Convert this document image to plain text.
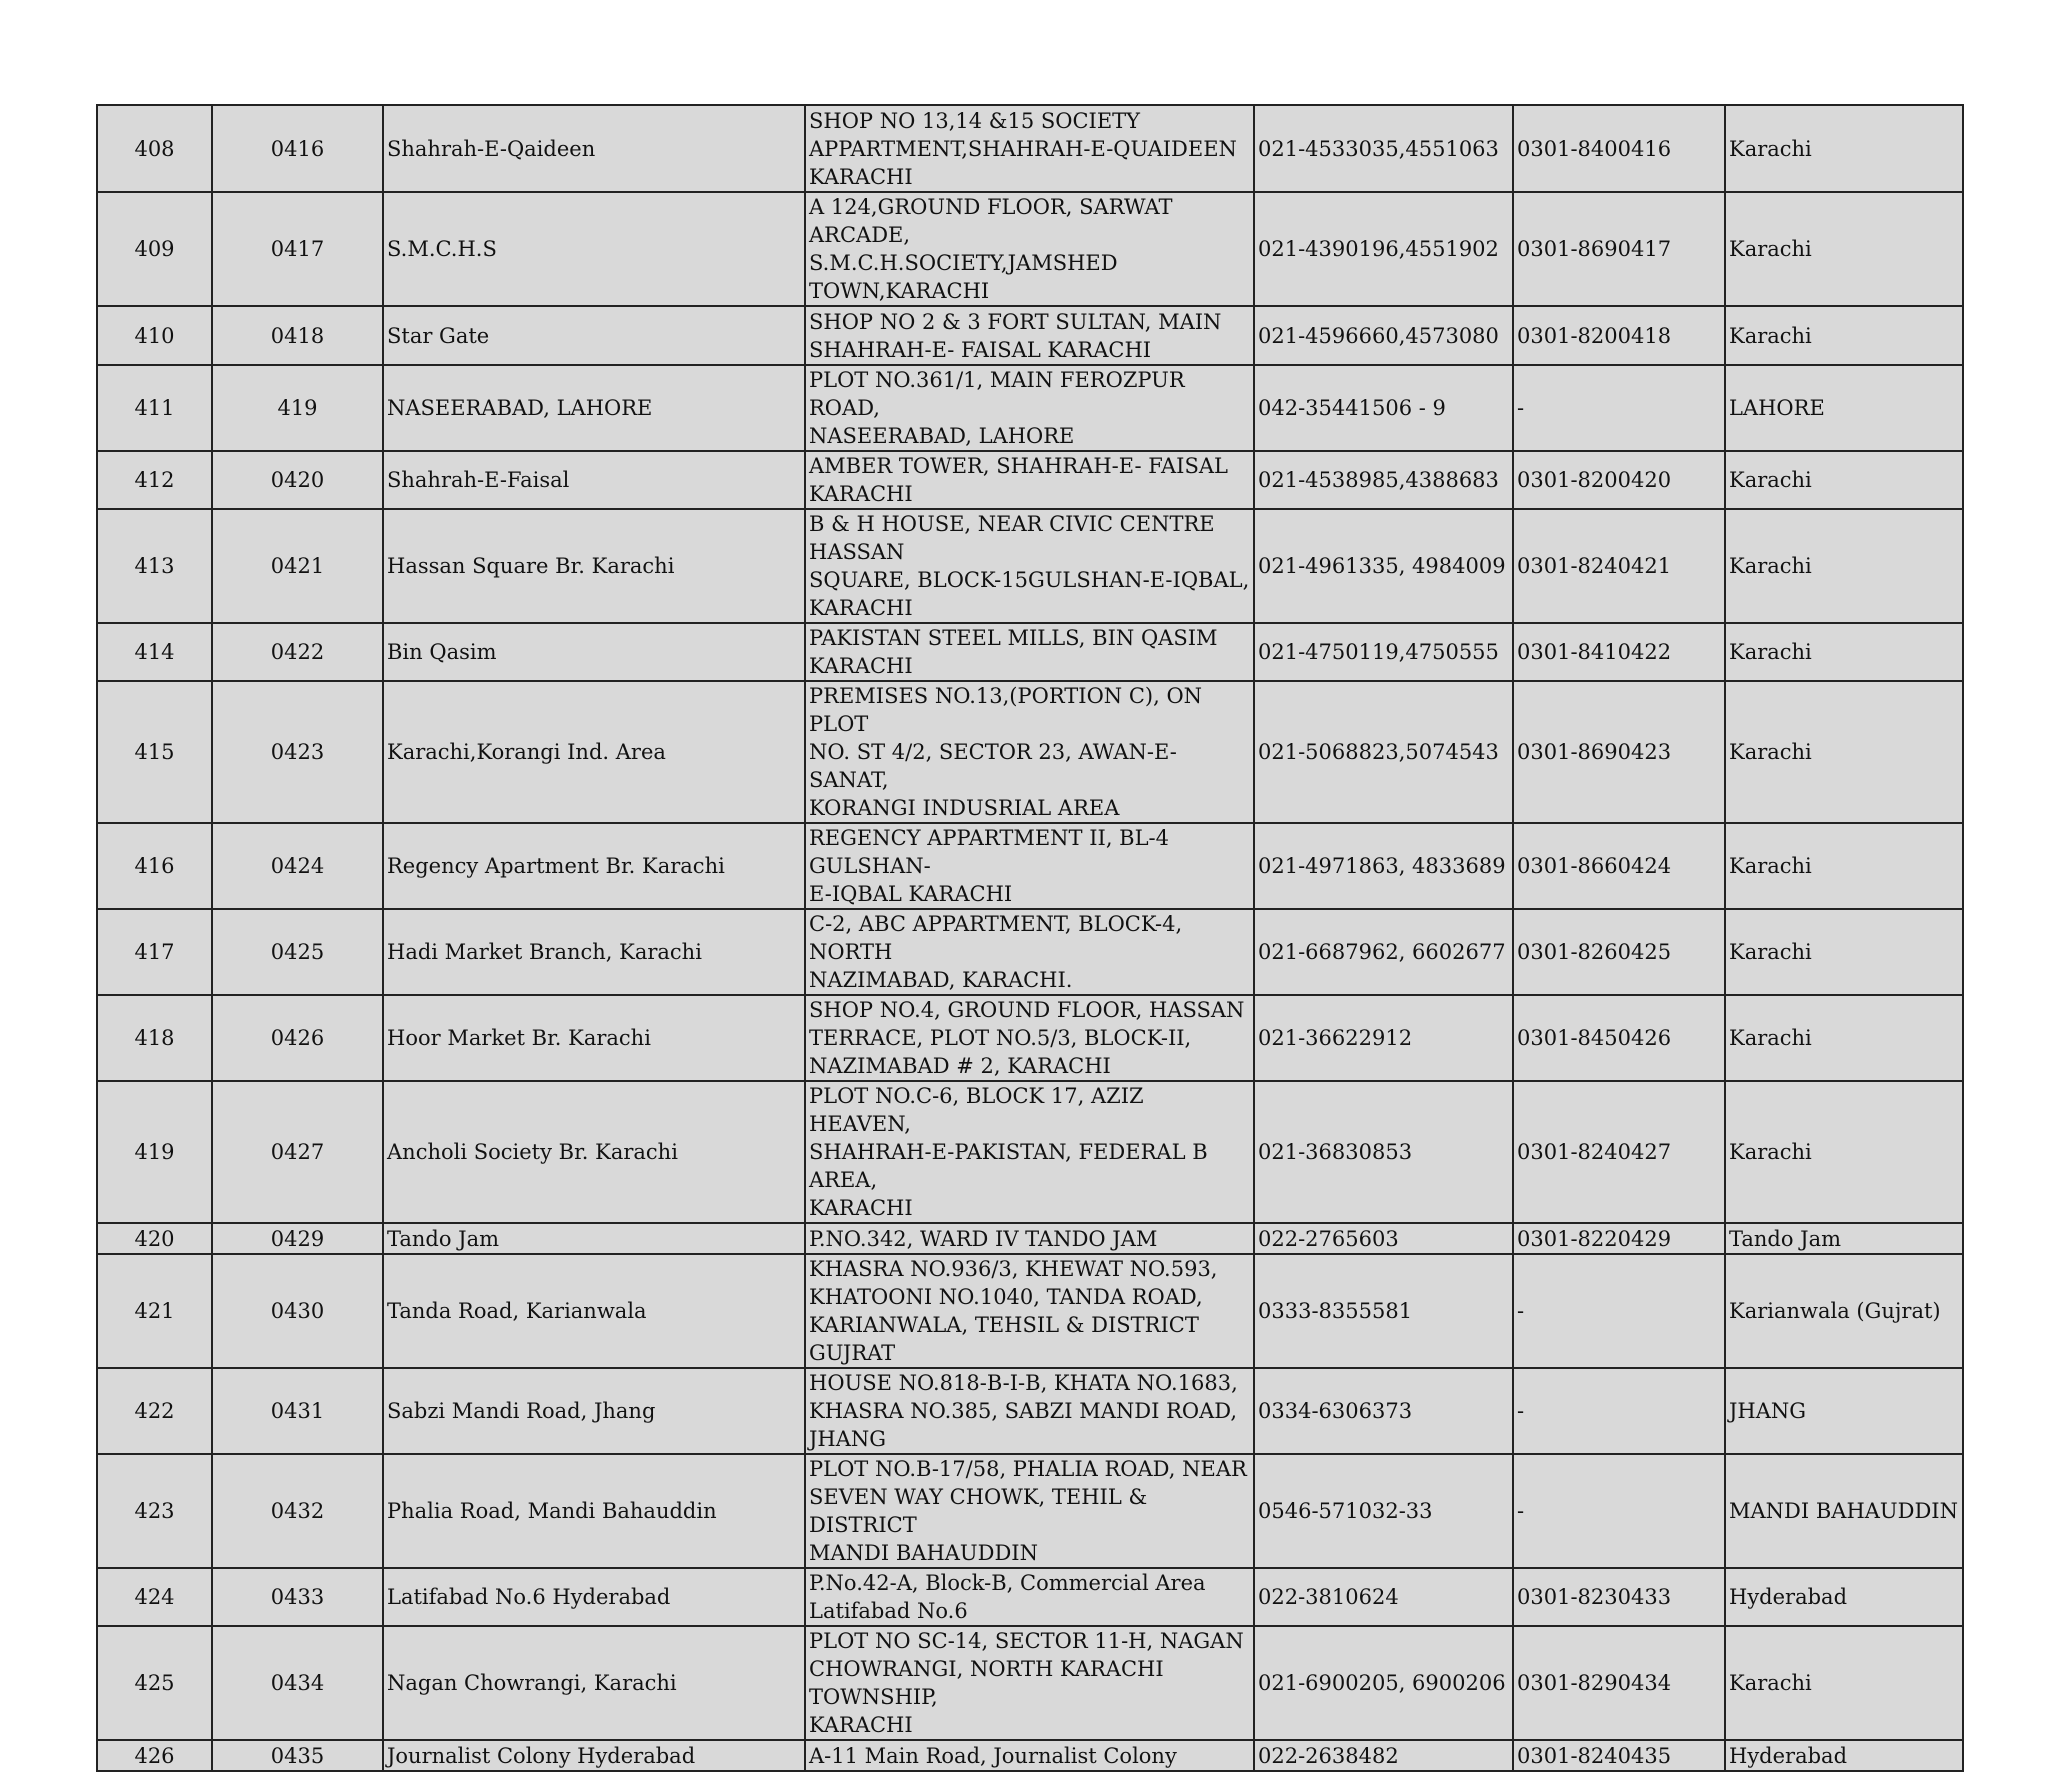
408	0416	Shahrah-E-Qaideen	SHOP NO 13,14 &15 SOCIETY
APPARTMENT,SHAHRAH-E-QUAIDEEN
KARACHI	021-4533035,4551063	0301-8400416	Karachi
409	0417	S.M.C.H.S	A 124,GROUND FLOOR, SARWAT ARCADE,
S.M.C.H.SOCIETY,JAMSHED TOWN,KARACHI	021-4390196,4551902	0301-8690417	Karachi
410	0418	Star Gate	SHOP NO 2 & 3 FORT SULTAN, MAIN
SHAHRAH-E- FAISAL KARACHI	021-4596660,4573080	0301-8200418	Karachi
411	419	NASEERABAD, LAHORE	PLOT NO.361/1, MAIN FEROZPUR ROAD,
NASEERABAD, LAHORE	042-35441506 - 9	-	LAHORE
412	0420	Shahrah-E-Faisal	AMBER TOWER, SHAHRAH-E- FAISAL
KARACHI	021-4538985,4388683	0301-8200420	Karachi
413	0421	Hassan Square Br. Karachi	B & H HOUSE, NEAR CIVIC CENTRE HASSAN
SQUARE, BLOCK-15GULSHAN-E-IQBAL,
KARACHI	021-4961335, 4984009	0301-8240421	Karachi
414	0422	Bin Qasim	PAKISTAN STEEL MILLS, BIN QASIM
KARACHI	021-4750119,4750555	0301-8410422	Karachi
415	0423	Karachi,Korangi Ind. Area	PREMISES NO.13,(PORTION C), ON PLOT
NO. ST 4/2, SECTOR 23, AWAN-E-SANAT,
KORANGI INDUSRIAL AREA	021-5068823,5074543	0301-8690423	Karachi
416	0424	Regency Apartment Br. Karachi	REGENCY APPARTMENT II, BL-4 GULSHAN-
E-IQBAL KARACHI	021-4971863, 4833689	0301-8660424	Karachi
417	0425	Hadi Market Branch, Karachi	C-2, ABC APPARTMENT, BLOCK-4, NORTH
NAZIMABAD, KARACHI.	021-6687962, 6602677	0301-8260425	Karachi
418	0426	Hoor Market Br. Karachi	SHOP NO.4, GROUND FLOOR, HASSAN
TERRACE, PLOT NO.5/3, BLOCK-II,
NAZIMABAD # 2, KARACHI	021-36622912	0301-8450426	Karachi
419	0427	Ancholi Society Br. Karachi	PLOT NO.C-6, BLOCK 17, AZIZ HEAVEN,
SHAHRAH-E-PAKISTAN, FEDERAL B AREA,
KARACHI	021-36830853	0301-8240427	Karachi
420	0429	Tando Jam	P.NO.342, WARD IV TANDO JAM	022-2765603	0301-8220429	Tando Jam
421	0430	Tanda Road, Karianwala	KHASRA NO.936/3, KHEWAT NO.593,
KHATOONI NO.1040, TANDA ROAD,
KARIANWALA, TEHSIL & DISTRICT GUJRAT	0333-8355581	-	Karianwala (Gujrat)
422	0431	Sabzi Mandi Road, Jhang	HOUSE NO.818-B-I-B, KHATA NO.1683,
KHASRA NO.385, SABZI MANDI ROAD,
JHANG	0334-6306373	-	JHANG
423	0432	Phalia Road, Mandi Bahauddin	PLOT NO.B-17/58, PHALIA ROAD, NEAR
SEVEN WAY CHOWK, TEHIL & DISTRICT
MANDI BAHAUDDIN	0546-571032-33	-	MANDI BAHAUDDIN
424	0433	Latifabad No.6 Hyderabad	P.No.42-A, Block-B, Commercial Area
Latifabad No.6	022-3810624	0301-8230433	Hyderabad
425	0434	Nagan Chowrangi, Karachi	PLOT NO SC-14, SECTOR 11-H, NAGAN
CHOWRANGI, NORTH KARACHI TOWNSHIP,
KARACHI	021-6900205, 6900206	0301-8290434	Karachi
426	0435	Journalist Colony Hyderabad	A-11 Main Road, Journalist Colony	022-2638482	0301-8240435	Hyderabad
